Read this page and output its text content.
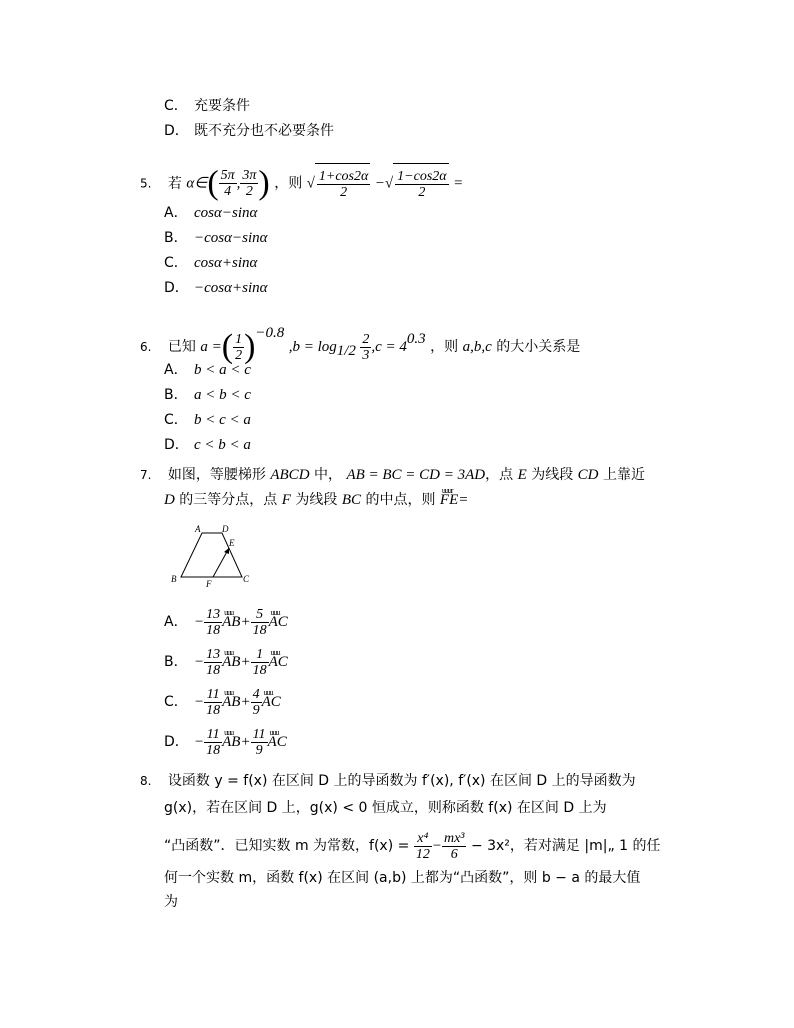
C． 充要条件
D． 既不充分也不必要条件
5. 若 α∈( $\frac{5\pi}{4}$ , $\frac{3\pi}{2}$ ) ，则 √ $\frac{1+\cos 2\alpha}{2}$ −√ $\frac{1-\cos 2\alpha}{2}$ =
A． cosα−sinα
B． −cosα−sinα
C． cosα+sinα
D． −cosα+sinα
6. 已知 a =( $\frac{1}{2} )^{-0.8}$ $,b = \log_{1/2} \frac{2}{3} ,c = 4^{0.3}$ ，则 a,b,c 的大小关系是
A． b < a < c
B． a < b < c
C． b < c < a
D． c < b < a
7. 如图，等腰梯形 ABCD 中， AB = BC = CD = 3AD，点 E 为线段 CD 上靠近
D 的三等分点，点 F 为线段 BC 的中点，则 uuur FE=
A D
E
B	F	C
A． − $\frac{13}{18}$ uuu $AB+ \frac{5}{18}$ uuu AC
B． − $\frac{13}{18}$ uuu $AB+ \frac{1}{18}$ uuu AC
C． − $\frac{11}{18}$ uuu $AB+ \frac{4}{9}$ uuu AC
D． − $\frac{11}{18}$ uuu $AB+ \frac{11}{9}$ uuu AC
8. 设函数 y = f(x) 在区间 D 上的导函数为 f′(x), f′(x) 在区间 D 上的导函数为
g(x)，若在区间 D 上，g(x) < 0 恒成立，则称函数 f(x) 在区间 D 上为
“凸函数”．已知实数 m 为常数，$f(x) = \frac{\text{x⁴}}{12} - \frac{\text{mx³}}{6} - 3x^2$，若对满足 |m|„ 1 的任
何一个实数 m，函数 f(x) 在区间 (a,b) 上都为“凸函数”，则 b − a 的最大值
为
